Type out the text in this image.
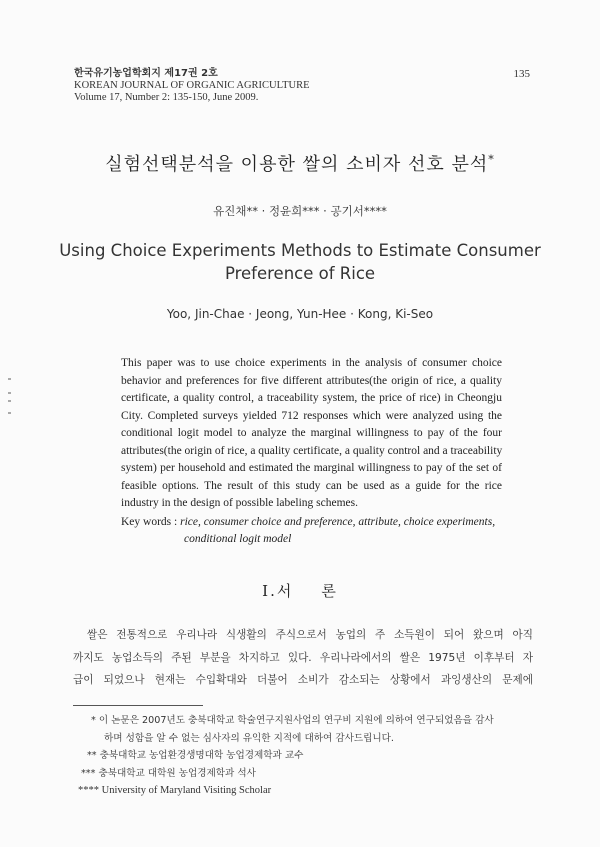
한국유기농업학회지 제17권 2호
KOREAN JOURNAL OF ORGANIC AGRICULTURE
Volume 17, Number 2: 135-150, June 2009.
135
실험선택분석을 이용한 쌀의 소비자 선호 분석*
유진채** · 정윤희*** · 공기서****
Using Choice Experiments Methods to Estimate Consumer
Preference of Rice
Yoo, Jin-Chae · Jeong, Yun-Hee · Kong, Ki-Seo
This paper was to use choice experiments in the analysis of consumer choice
behavior and preferences for five different attributes(the origin of rice, a quality
certificate, a quality control, a traceability system, the price of rice) in Cheongju
City. Completed surveys yielded 712 responses which were analyzed using the
conditional logit model to analyze the marginal willingness to pay of the four
attributes(the origin of rice, a quality certificate, a quality control and a traceability
system) per household and estimated the marginal willingness to pay of the set of
feasible options. The result of this study can be used as a guide for the rice
industry in the design of possible labeling schemes.
Key words : rice, consumer choice and preference, attribute, choice experiments,
conditional logit model
Ⅰ.서 론
쌀은 전통적으로 우리나라 식생활의 주식으로서 농업의 주 소득원이 되어 왔으며 아직
까지도 농업소득의 주된 부분을 차지하고 있다. 우리나라에서의 쌀은 1975년 이후부터 자
급이 되었으나 현재는 수입확대와 더불어 소비가 감소되는 상황에서 과잉생산의 문제에
* 이 논문은 2007년도 충북대학교 학술연구지원사업의 연구비 지원에 의하여 연구되었음을 감사
하며 성함을 알 수 없는 심사자의 유익한 지적에 대하여 감사드립니다.
** 충북대학교 농업환경생명대학 농업경제학과 교수
*** 충북대학교 대학원 농업경제학과 석사
**** University of Maryland Visiting Scholar
